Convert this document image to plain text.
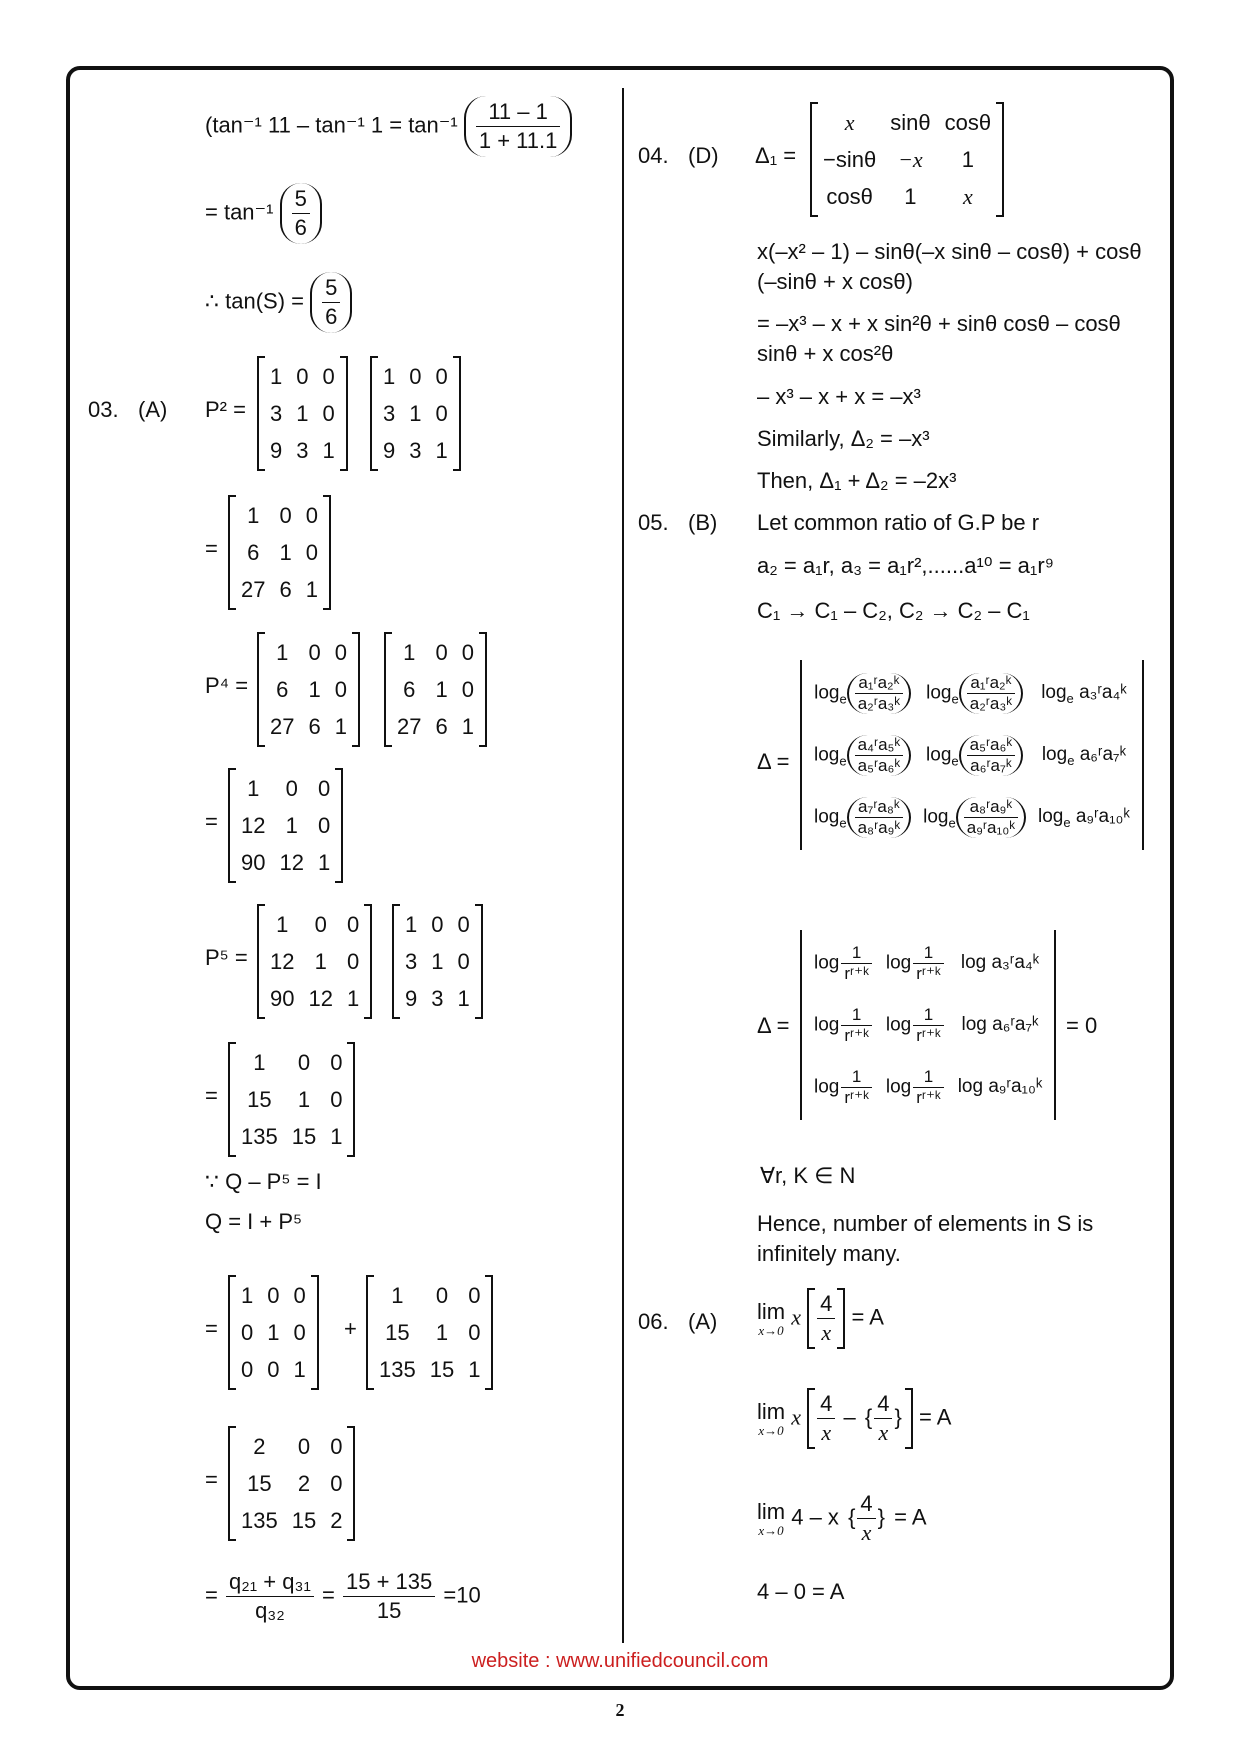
(tan⁻¹ 11 – tan⁻¹ $1 = \tan^{-1} \frac{11 - 1}{1 + 11.1}$
= $\tan^{-1} \frac{5}{6}$
∴ $\tan(S) = \frac{5}{6}$
03. (A) P² =
1	0	0
3	1	0
9	3	1
1	0	0
3	1	0
9	3	1
=
1	0	0
6	1	0
27	6	1
P⁴ =
1	0	0
6	1	0
27	6	1
1	0	0
6	1	0
27	6	1
=
1	0	0
12	1	0
90	12	1
P⁵ =
1	0	0
12	1	0
90	12	1
1	0	0
3	1	0
9	3	1
=
1	0	0
15	1	0
135	15	1
∵ Q – P⁵ = I
Q = I + P⁵
=
1	0	0
0	1	0
0	0	1
+
1	0	0
15	1	0
135	15	1
=
2	0	0
15	2	0
135	15	2
= $\frac{\text{q₂₁ + q₃₁}}{\text{q₃₂}} = \frac{15 + 135}{15} =10$
04. (D) Δ₁ =
x	sinθ	cosθ
−sinθ	−x	1
cosθ	1	x
x(–x² – 1) – sinθ(–x sinθ – cosθ) + cosθ
(–sinθ + x cosθ)
= –x³ – x + x sin²θ + sinθ cosθ – cosθ
sinθ + x cos²θ
– x³ – x + x = –x³
Similarly, Δ₂ = –x³
Then, Δ₁ + Δ₂ = –2x³
05. (B) Let common ratio of G.P be r
a₂ = a₁r, a₃ = a₁r²,......a¹⁰ = a₁r⁹
C₁ → C₁ – C₂, C₂ → C₂ – C₁
Δ =
$\log_e \frac{\text{a₁ʳa₂ᵏ}}{\text{a₂ʳa₃ᵏ}}$	$\log_e \frac{\text{a₁ʳa₂ᵏ}}{\text{a₂ʳa₃ᵏ}}$	$\log_e$ a₃ʳa₄ᵏ
$\log_e \frac{\text{a₄ʳa₅ᵏ}}{\text{a₅ʳa₆ᵏ}}$	$\log_e \frac{\text{a₅ʳa₆ᵏ}}{\text{a₆ʳa₇ᵏ}}$	$\log_e$ a₆ʳa₇ᵏ
$\log_e \frac{\text{a₇ʳa₈ᵏ}}{\text{a₈ʳa₉ᵏ}}$	$\log_e \frac{\text{a₈ʳa₉ᵏ}}{\text{a₉ʳa₁₀ᵏ}}$	$\log_e$ a₉ʳa₁₀ᵏ
Δ =
$\log \frac{1}{\text{rʳ⁺ᵏ}}$	$\log \frac{1}{\text{rʳ⁺ᵏ}}$	log a₃ʳa₄ᵏ
$\log \frac{1}{\text{rʳ⁺ᵏ}}$	$\log \frac{1}{\text{rʳ⁺ᵏ}}$	log a₆ʳa₇ᵏ
$\log \frac{1}{\text{rʳ⁺ᵏ}}$	$\log \frac{1}{\text{rʳ⁺ᵏ}}$	log a₉ʳa₁₀ᵏ
= 0
∀r, K ∈ N
Hence, number of elements in S is
infinitely many.
06. (A) lim
x→0
x $\frac{4}{x} = A$
lim
x→0
x $\frac{4}{x}$ – { $\frac{4}{x}$ } = A
lim
x→0
4 – x { $\frac{4}{x}$ } = A
4 – 0 = A
website : www.unifiedcouncil.com
2
